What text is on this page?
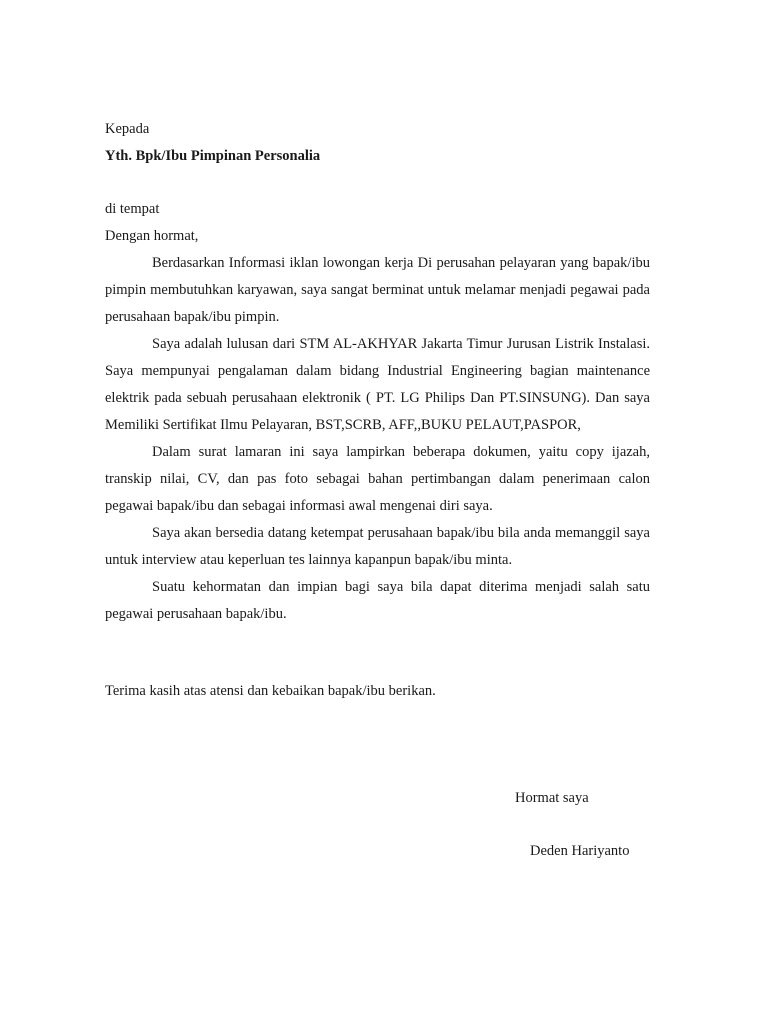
Kepada
Yth. Bpk/Ibu Pimpinan Personalia
di tempat
Dengan hormat,

Berdasarkan Informasi iklan lowongan kerja Di perusahan pelayaran yang bapak/ibu pimpin membutuhkan karyawan, saya sangat berminat untuk melamar menjadi pegawai pada perusahaan bapak/ibu pimpin.

Saya adalah lulusan dari STM AL-AKHYAR Jakarta Timur Jurusan Listrik Instalasi. Saya mempunyai pengalaman dalam bidang Industrial Engineering bagian maintenance elektrik pada sebuah perusahaan elektronik ( PT. LG Philips Dan PT.SINSUNG). Dan saya Memiliki Sertifikat Ilmu Pelayaran, BST,SCRB, AFF,,BUKU PELAUT,PASPOR,

Dalam surat lamaran ini saya lampirkan beberapa dokumen, yaitu copy ijazah, transkip nilai, CV, dan pas foto sebagai bahan pertimbangan dalam penerimaan calon pegawai bapak/ibu dan sebagai informasi awal mengenai diri saya.

Saya akan bersedia datang ketempat perusahaan bapak/ibu bila anda memanggil saya untuk interview atau keperluan tes lainnya kapanpun bapak/ibu minta.

Suatu kehormatan dan impian bagi saya bila dapat diterima menjadi salah satu pegawai perusahaan bapak/ibu.

Terima kasih atas atensi dan kebaikan bapak/ibu berikan.
Hormat saya
Deden Hariyanto
